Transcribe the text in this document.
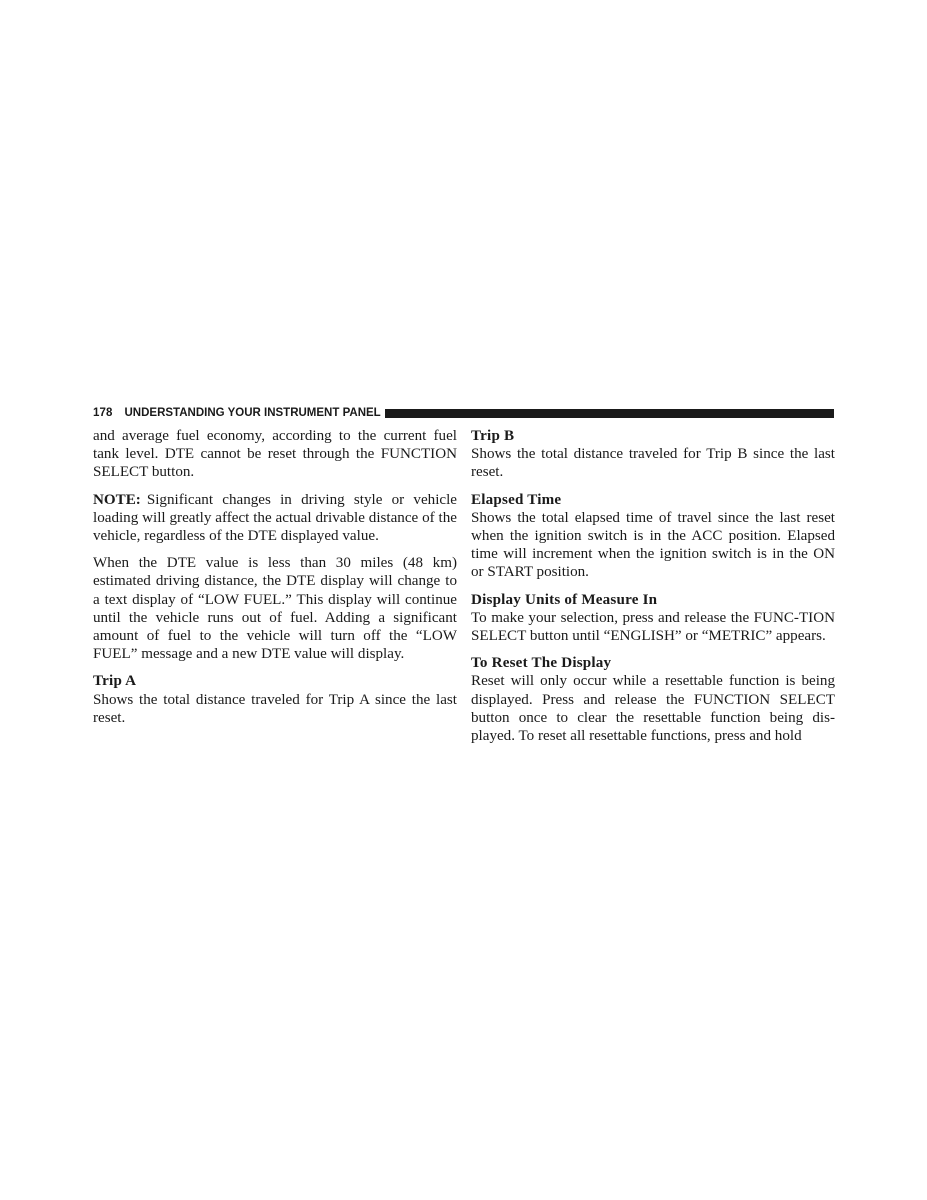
178 UNDERSTANDING YOUR INSTRUMENT PANEL

and average fuel economy, according to the current fuel tank level. DTE cannot be reset through the FUNCTION SELECT button.

NOTE: Significant changes in driving style or vehicle loading will greatly affect the actual drivable distance of the vehicle, regardless of the DTE displayed value.

When the DTE value is less than 30 miles (48 km) estimated driving distance, the DTE display will change to a text display of “LOW FUEL.” This display will continue until the vehicle runs out of fuel. Adding a significant amount of fuel to the vehicle will turn off the “LOW FUEL” message and a new DTE value will display.

Trip A

Shows the total distance traveled for Trip A since the last reset.

Trip B

Shows the total distance traveled for Trip B since the last reset.

Elapsed Time

Shows the total elapsed time of travel since the last reset when the ignition switch is in the ACC position. Elapsed time will increment when the ignition switch is in the ON or START position.

Display Units of Measure In

To make your selection, press and release the FUNC-TION SELECT button until “ENGLISH” or “METRIC” appears.

To Reset The Display

Reset will only occur while a resettable function is being displayed. Press and release the FUNCTION SELECT button once to clear the resettable function being dis-played. To reset all resettable functions, press and hold
